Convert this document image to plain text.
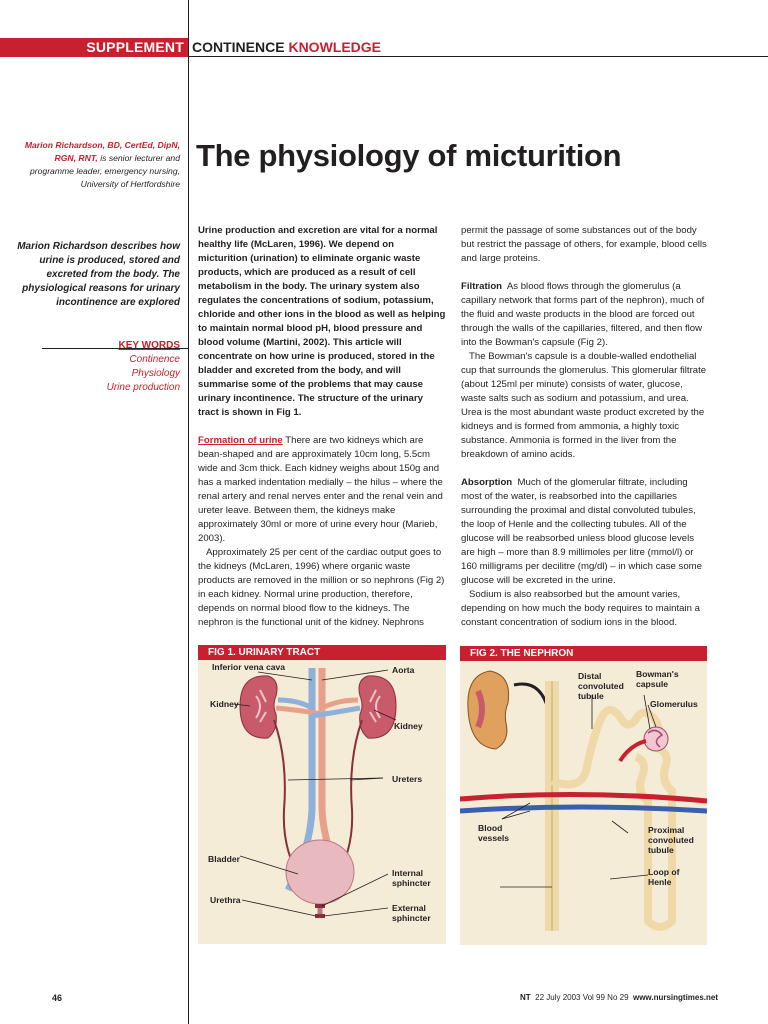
SUPPLEMENT CONTINENCE KNOWLEDGE
Marion Richardson, BD, CertEd, DipN, RGN, RNT, is senior lecturer and programme leader, emergency nursing, University of Hertfordshire
The physiology of micturition
Marion Richardson describes how urine is produced, stored and excreted from the body. The physiological reasons for urinary incontinence are explored
KEY WORDS
Continence
Physiology
Urine production

Urine production and excretion are vital for a normal healthy life (McLaren, 1996). We depend on micturition (urination) to eliminate organic waste products, which are produced as a result of cell metabolism in the body. The urinary system also regulates the concentrations of sodium, potassium, chloride and other ions in the blood as well as helping to maintain normal blood pH, blood pressure and blood volume (Martini, 2002). This article will concentrate on how urine is produced, stored in the bladder and excreted from the body, and will summarise some of the problems that may cause urinary incontinence. The structure of the urinary tract is shown in Fig 1.

Formation of urine There are two kidneys which are bean-shaped and are approximately 10cm long, 5.5cm wide and 3cm thick. Each kidney weighs about 150g and has a marked indentation medially – the hilus – where the renal artery and renal nerves enter and the renal vein and ureter leave. Between them, the kidneys make approximately 30ml or more of urine every hour (Marieb, 2003).

Approximately 25 per cent of the cardiac output goes to the kidneys (McLaren, 1996) where organic waste products are removed in the million or so nephrons (Fig 2) in each kidney. Normal urine production, therefore, depends on normal blood flow to the kidneys. The nephron is the functional unit of the kidney. Nephrons

permit the passage of some substances out of the body but restrict the passage of others, for example, blood cells and large proteins.

Filtration As blood flows through the glomerulus (a capillary network that forms part of the nephron), much of the fluid and waste products in the blood are forced out through the walls of the capillaries, filtered, and then flow into the Bowman's capsule (Fig 2).

The Bowman's capsule is a double-walled endothelial cup that surrounds the glomerulus. This glomerular filtrate (about 125ml per minute) consists of water, glucose, waste salts such as sodium and potassium, and urea. Urea is the most abundant waste product excreted by the kidneys and is formed from ammonia, a highly toxic substance. Ammonia is formed in the liver from the breakdown of amino acids.

Absorption Much of the glomerular filtrate, including most of the water, is reabsorbed into the capillaries surrounding the proximal and distal convoluted tubules, the loop of Henle and the collecting tubules. All of the glucose will be reabsorbed unless blood glucose levels are high – more than 8.9 millimoles per litre (mmol/l) or 160 milligrams per decilitre (mg/dl) – in which case some glucose will be excreted in the urine.

Sodium is also reabsorbed but the amount varies, depending on how much the body requires to maintain a constant concentration of sodium ions in the blood.

FIG 1. URINARY TRACT
Inferior vena cava	Aorta
Kidney
Kidney
Ureters
Bladder
Internal sphincter
Urethra
External sphincter
FIG 2. THE NEPHRON
Distal convoluted tubule
Bowman's capsule
Glomerulus
Blood vessels
Proximal convoluted tubule
Loop of Henle
46	NT 22 July 2003 Vol 99 No 29 www.nursingtimes.net
